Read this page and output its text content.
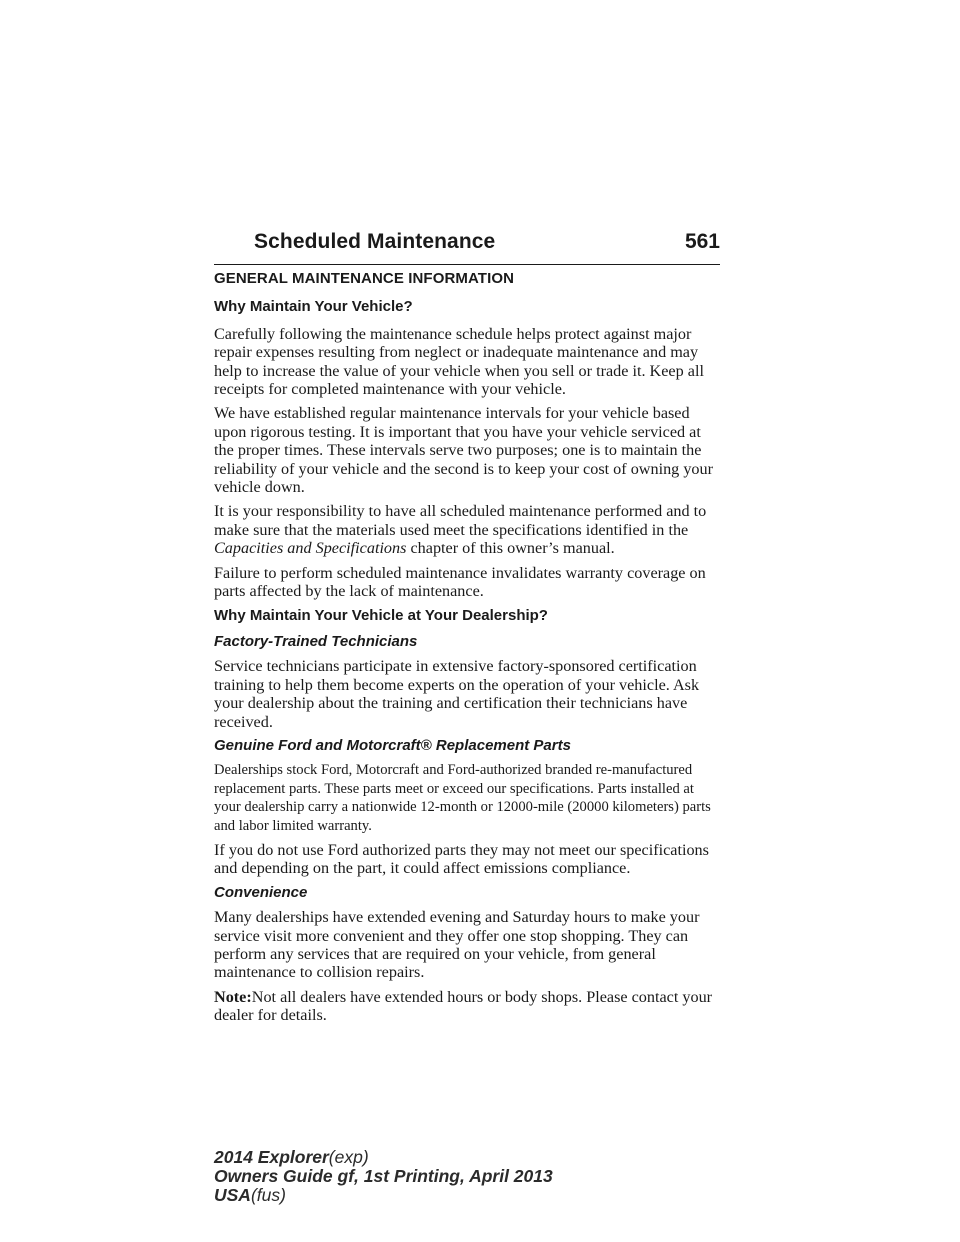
Scheduled Maintenance	561
GENERAL MAINTENANCE INFORMATION
Why Maintain Your Vehicle?

Carefully following the maintenance schedule helps protect against major repair expenses resulting from neglect or inadequate maintenance and may help to increase the value of your vehicle when you sell or trade it. Keep all receipts for completed maintenance with your vehicle.

We have established regular maintenance intervals for your vehicle based upon rigorous testing. It is important that you have your vehicle serviced at the proper times. These intervals serve two purposes; one is to maintain the reliability of your vehicle and the second is to keep your cost of owning your vehicle down.

It is your responsibility to have all scheduled maintenance performed and to make sure that the materials used meet the specifications identified in the Capacities and Specifications chapter of this owner’s manual.

Failure to perform scheduled maintenance invalidates warranty coverage on parts affected by the lack of maintenance.

Why Maintain Your Vehicle at Your Dealership?
Factory-Trained Technicians

Service technicians participate in extensive factory-sponsored certification training to help them become experts on the operation of your vehicle. Ask your dealership about the training and certification their technicians have received.

Genuine Ford and Motorcraft® Replacement Parts

Dealerships stock Ford, Motorcraft and Ford-authorized branded re-manufactured replacement parts. These parts meet or exceed our specifications. Parts installed at your dealership carry a nationwide 12-month or 12000-mile (20000 kilometers) parts and labor limited warranty.

If you do not use Ford authorized parts they may not meet our specifications and depending on the part, it could affect emissions compliance.

Convenience

Many dealerships have extended evening and Saturday hours to make your service visit more convenient and they offer one stop shopping. They can perform any services that are required on your vehicle, from general maintenance to collision repairs.

Note:Not all dealers have extended hours or body shops. Please contact your dealer for details.

2014 Explorer(exp)
Owners Guide gf, 1st Printing, April 2013
USA(fus)
